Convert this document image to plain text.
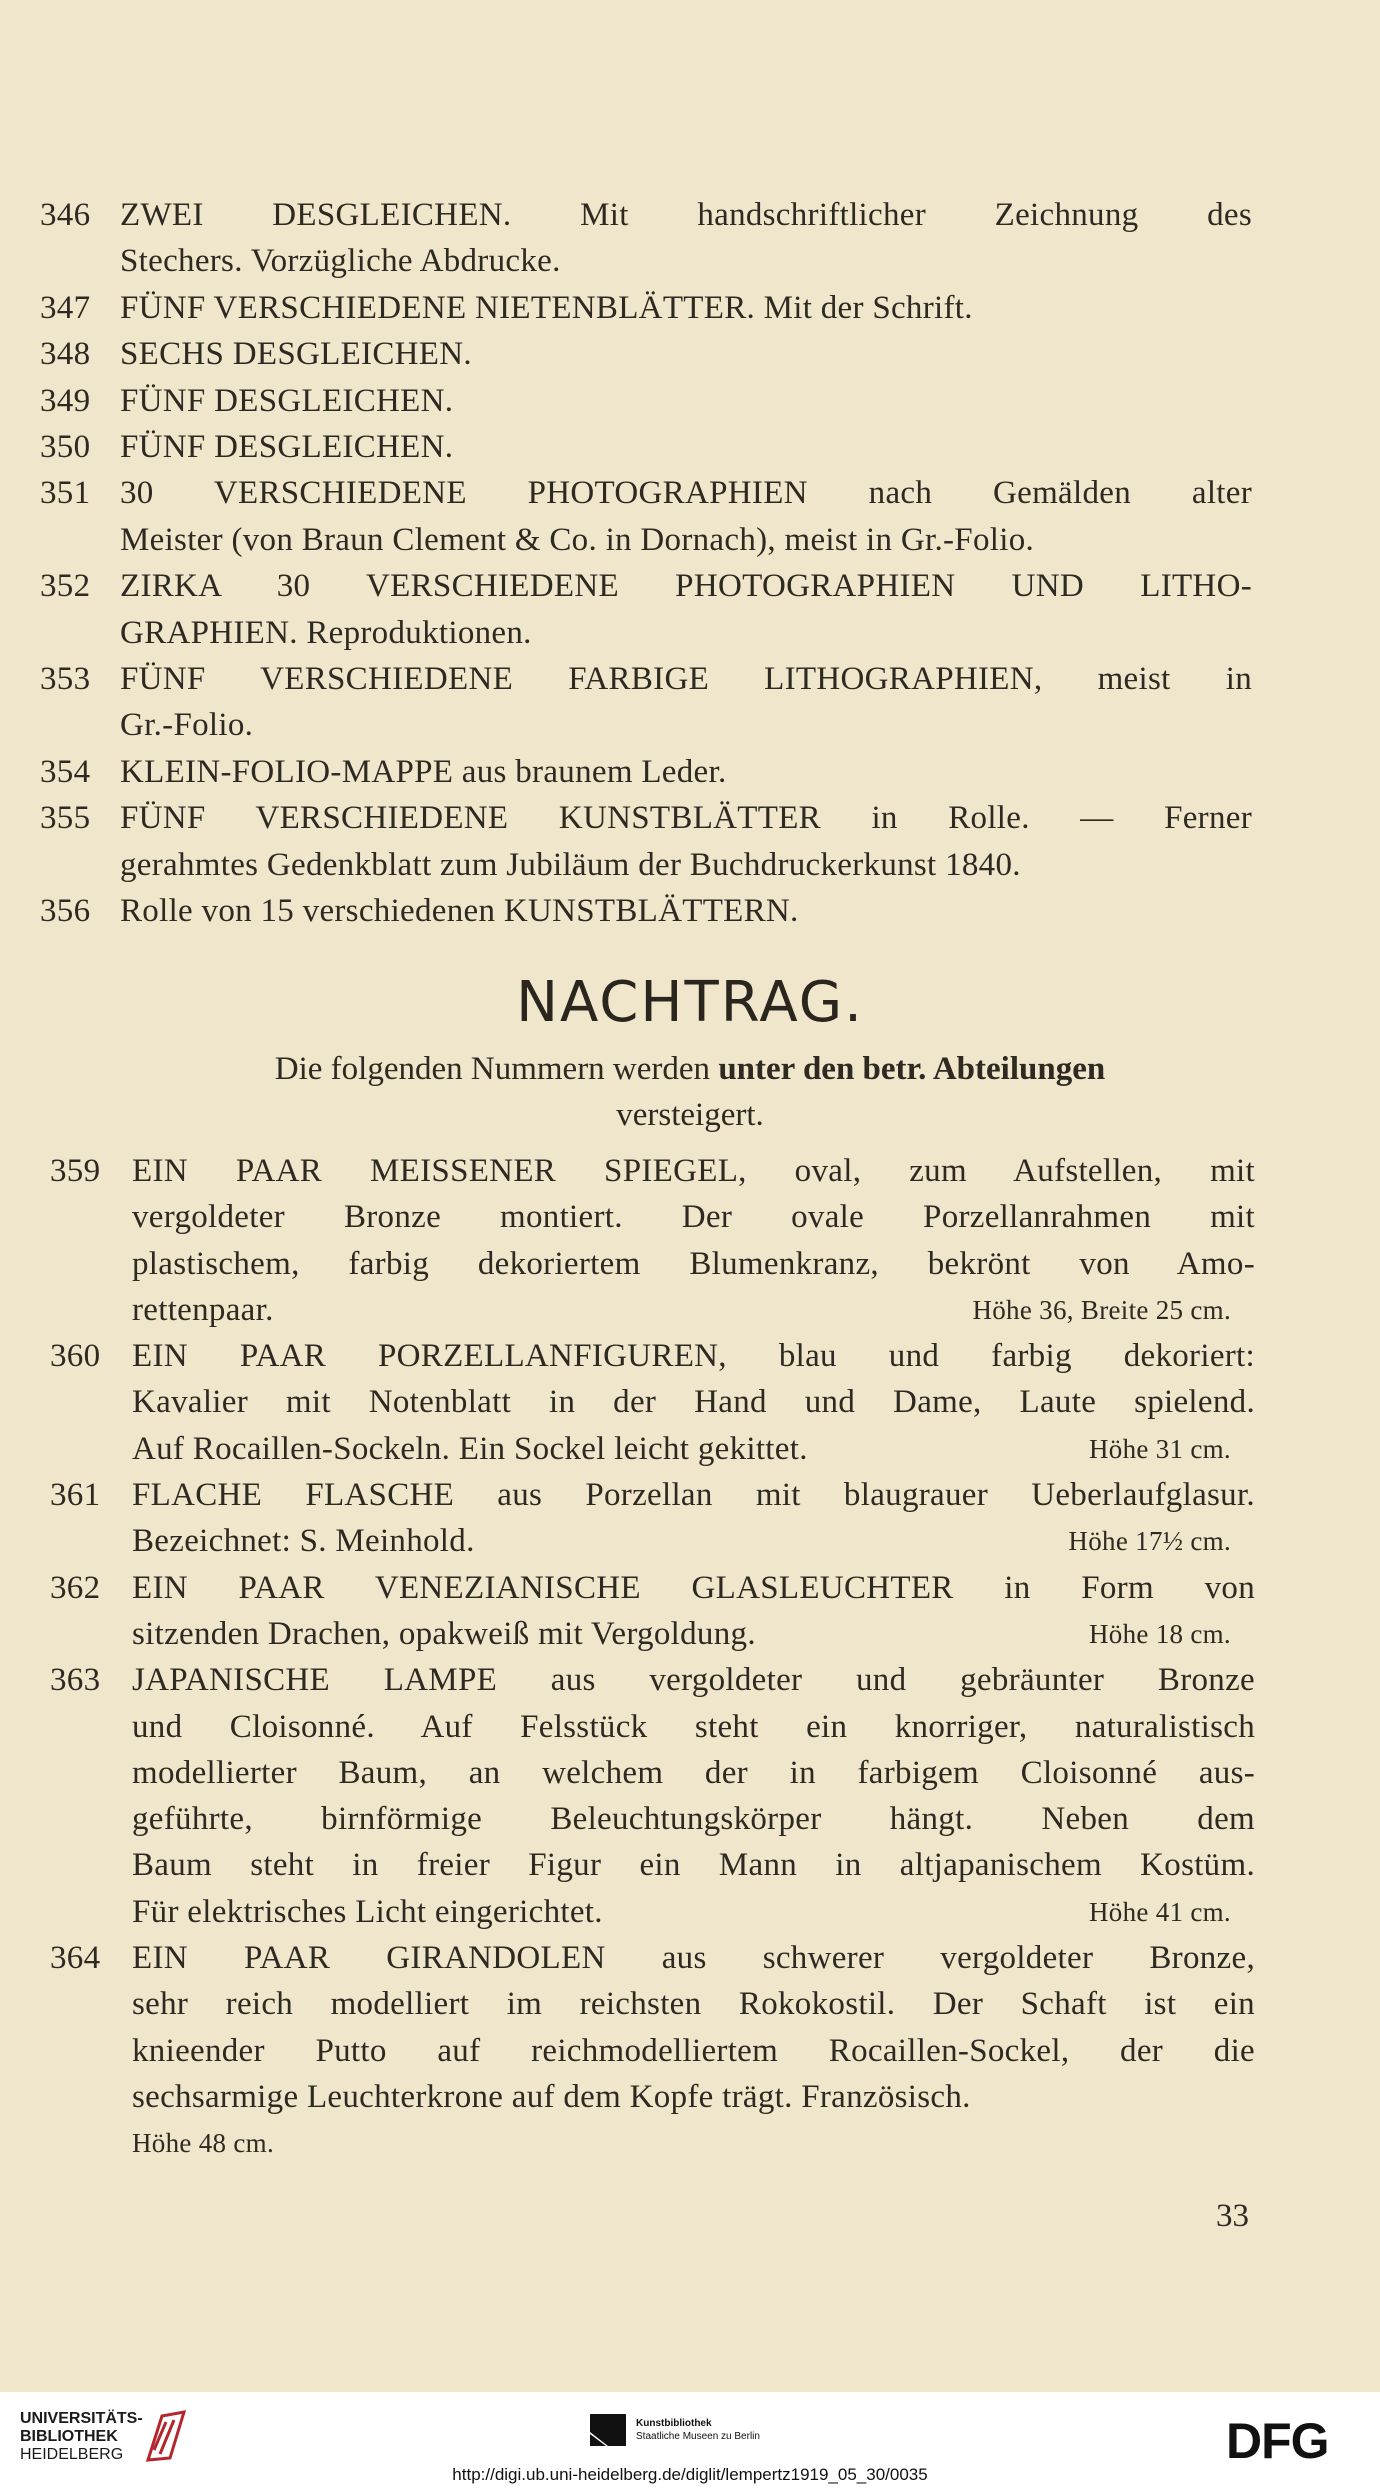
346 ZWEI DESGLEICHEN. Mit handschriftlicher Zeichnung des
Stechers. Vorzügliche Abdrucke.
347 FÜNF VERSCHIEDENE NIETENBLÄTTER. Mit der Schrift.
348 SECHS DESGLEICHEN.
349 FÜNF DESGLEICHEN.
350 FÜNF DESGLEICHEN.
351 30 VERSCHIEDENE PHOTOGRAPHIEN nach Gemälden alter
Meister (von Braun Clement & Co. in Dornach), meist in Gr.-Folio.
352 ZIRKA 30 VERSCHIEDENE PHOTOGRAPHIEN UND LITHO-
GRAPHIEN. Reproduktionen.
353 FÜNF VERSCHIEDENE FARBIGE LITHOGRAPHIEN, meist in
Gr.-Folio.
354 KLEIN-FOLIO-MAPPE aus braunem Leder.
355 FÜNF VERSCHIEDENE KUNSTBLÄTTER in Rolle. — Ferner
gerahmtes Gedenkblatt zum Jubiläum der Buchdruckerkunst 1840.
356 Rolle von 15 verschiedenen KUNSTBLÄTTERN.
NACHTRAG.
Die folgenden Nummern werden unter den betr. Abteilungen
versteigert.
359 EIN PAAR MEISSENER SPIEGEL, oval, zum Aufstellen, mit
vergoldeter Bronze montiert. Der ovale Porzellanrahmen mit
plastischem, farbig dekoriertem Blumenkranz, bekrönt von Amo-
Höhe 36, Breite 25 cm.
rettenpaar.
360 EIN PAAR PORZELLANFIGUREN, blau und farbig dekoriert:
Kavalier mit Notenblatt in der Hand und Dame, Laute spielend.
Höhe 31 cm.
Auf Rocaillen-Sockeln. Ein Sockel leicht gekittet.
361 FLACHE FLASCHE aus Porzellan mit blaugrauer Ueberlaufglasur.
Höhe 17½ cm.
Bezeichnet: S. Meinhold.
362 EIN PAAR VENEZIANISCHE GLASLEUCHTER in Form von
Höhe 18 cm.
sitzenden Drachen, opakweiß mit Vergoldung.
363 JAPANISCHE LAMPE aus vergoldeter und gebräunter Bronze
und Cloisonné. Auf Felsstück steht ein knorriger, naturalistisch
modellierter Baum, an welchem der in farbigem Cloisonné aus-
geführte, birnförmige Beleuchtungskörper hängt. Neben dem
Baum steht in freier Figur ein Mann in altjapanischem Kostüm.
Höhe 41 cm.
Für elektrisches Licht eingerichtet.
364 EIN PAAR GIRANDOLEN aus schwerer vergoldeter Bronze,
sehr reich modelliert im reichsten Rokokostil. Der Schaft ist ein
knieender Putto auf reichmodelliertem Rocaillen-Sockel, der die
sechsarmige Leuchterkrone auf dem Kopfe trägt. Französisch.
Höhe 48 cm.
33
UNIVERSITÄTS-
BIBLIOTHEK
HEIDELBERG
Kunstbibliothek
Staatliche Museen zu Berlin	DFG
http://digi.ub.uni-heidelberg.de/diglit/lempertz1919_05_30/0035
